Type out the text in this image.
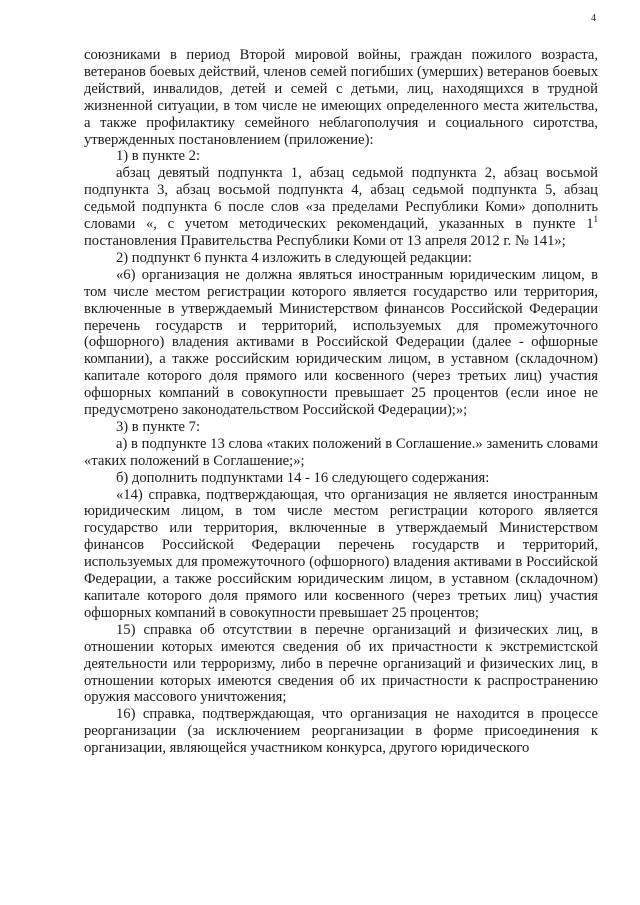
4

союзниками в период Второй мировой войны, граждан пожилого возраста, ветеранов боевых действий, членов семей погибших (умерших) ветеранов боевых действий, инвалидов, детей и семей с детьми, лиц, находящихся в трудной жизненной ситуации, в том числе не имеющих определенного места жительства, а также профилактику семейного неблагополучия и социального сиротства, утвержденных постановлением (приложение):

1) в пункте 2:

абзац девятый подпункта 1, абзац седьмой подпункта 2, абзац восьмой подпункта 3, абзац восьмой подпункта 4, абзац седьмой подпункта 5, абзац седьмой подпункта 6 после слов «за пределами Республики Коми» дополнить словами «, с учетом методических рекомендаций, указанных в пункте $1^1$ постановления Правительства Республики Коми от 13 апреля 2012 г. № 141»;

2) подпункт 6 пункта 4 изложить в следующей редакции:

«6) организация не должна являться иностранным юридическим лицом, в том числе местом регистрации которого является государство или территория, включенные в утверждаемый Министерством финансов Российской Федерации перечень государств и территорий, используемых для промежуточного (офшорного) владения активами в Российской Федерации (далее - офшорные компании), а также российским юридическим лицом, в уставном (складочном) капитале которого доля прямого или косвенного (через третьих лиц) участия офшорных компаний в совокупности превышает 25 процентов (если иное не предусмотрено законодательством Российской Федерации);»;

3) в пункте 7:

а) в подпункте 13 слова «таких положений в Соглашение.» заменить словами «таких положений в Соглашение;»;

б) дополнить подпунктами 14 - 16 следующего содержания:

«14) справка, подтверждающая, что организация не является иностранным юридическим лицом, в том числе местом регистрации которого является государство или территория, включенные в утверждаемый Министерством финансов Российской Федерации перечень государств и территорий, используемых для промежуточного (офшорного) владения активами в Российской Федерации, а также российским юридическим лицом, в уставном (складочном) капитале которого доля прямого или косвенного (через третьих лиц) участия офшорных компаний в совокупности превышает 25 процентов;

15) справка об отсутствии в перечне организаций и физических лиц, в отношении которых имеются сведения об их причастности к экстремистской деятельности или терроризму, либо в перечне организаций и физических лиц, в отношении которых имеются сведения об их причастности к распространению оружия массового уничтожения;

16) справка, подтверждающая, что организация не находится в процессе реорганизации (за исключением реорганизации в форме присоединения к организации, являющейся участником конкурса, другого юридического
